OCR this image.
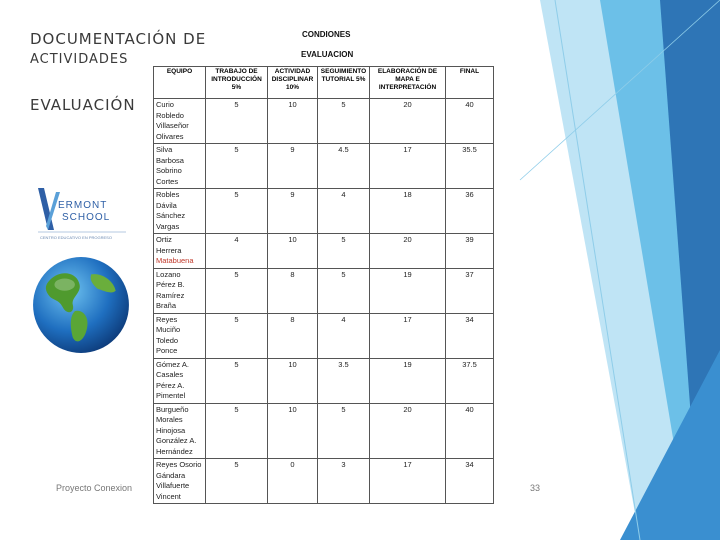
DOCUMENTACIÓN DE
ACTIVIDADES
EVALUACIÓN
ERMONT
SCHOOL
CENTRO EDUCATIVO EN PROGRESO
CONDIONES
EVALUACION
EQUIPO	TRABAJO DE INTRODUCCIÓN 5%	ACTIVIDAD DISCIPLINAR 10%	SEGUIMIENTO TUTORIAL 5%	ELABORACIÓN DE MAPA E INTERPRETACIÓN	FINAL

Curio
Robledo
Villaseñor
Olivares	5	10	5	20	40

Silva
Barbosa
Sobrino
Cortes	5	9	4.5	17	35.5

Robles
Dávila
Sánchez
Vargas	5	9	4	18	36

Ortiz
Herrera
Matabuena	4	10	5	20	39

Lozano
Pérez B.
Ramírez
Braña	5	8	5	19	37

Reyes
Muciño
Toledo
Ponce	5	8	4	17	34

Gómez A.
Casales
Pérez A.
Pimentel	5	10	3.5	19	37.5

Burgueño
Morales
Hinojosa
González A.
Hernández	5	10	5	20	40

Reyes Osorio
Gándara
Villafuerte
Vincent	5	0	3	17	34
Proyecto Conexion	33
